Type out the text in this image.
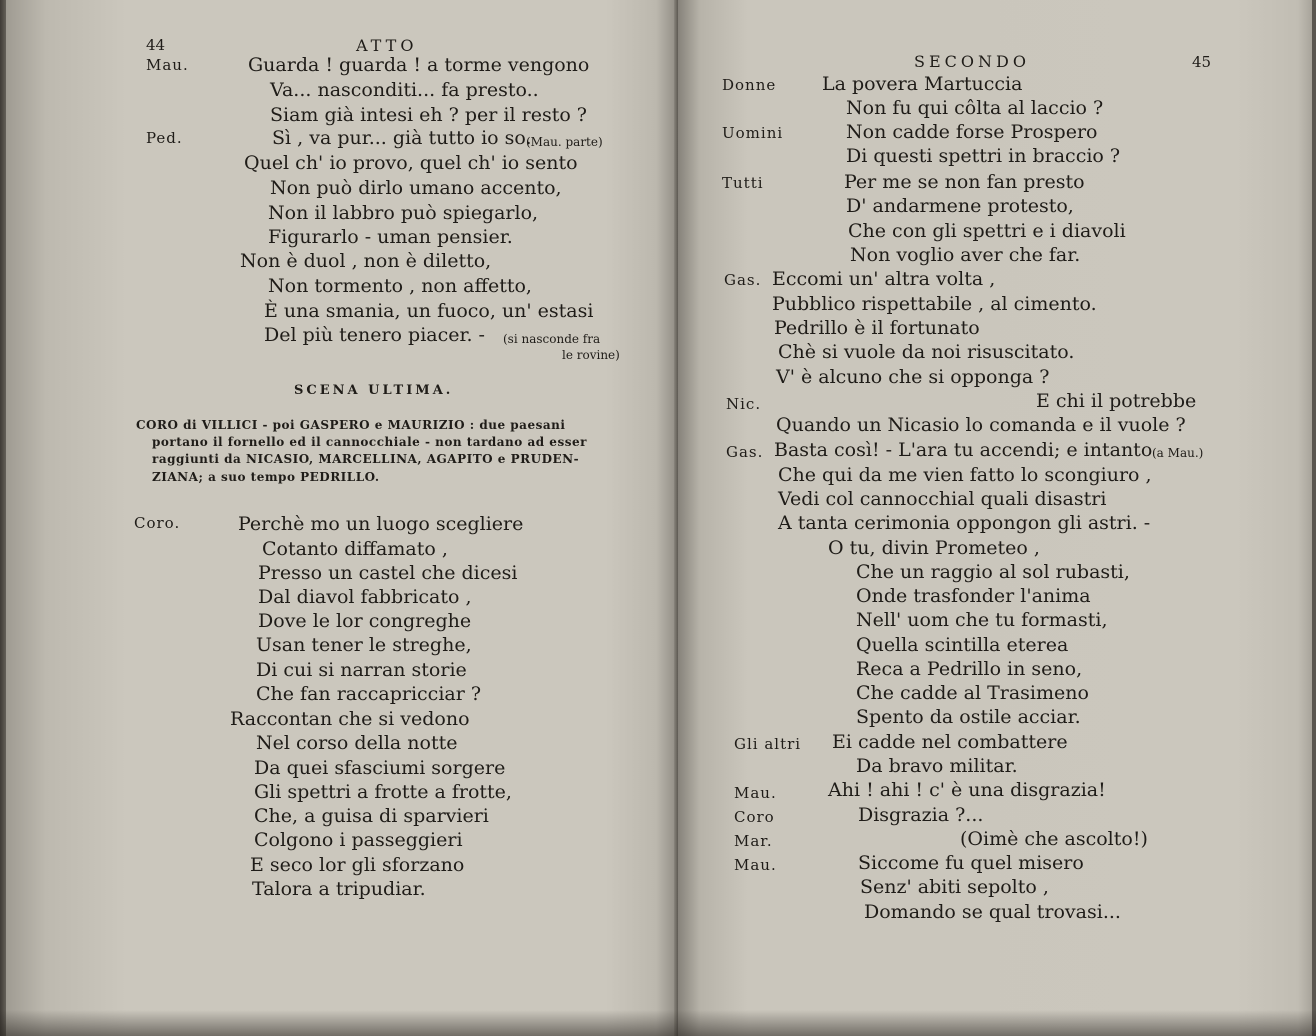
44	ATTO
Mau.	Guarda ! guarda ! a torme vengono
Va... nasconditi... fa presto..
Siam già intesi eh ? per il resto ?
Ped.	Sì , va pur... già tutto io so.
(Mau. parte)
Quel ch' io provo, quel ch' io sento
Non può dirlo umano accento,
Non il labbro può spiegarlo,
Figurarlo - uman pensier.
Non è duol , non è diletto,
Non tormento , non affetto,
È una smania, un fuoco, un' estasi
Del più tenero piacer. - (si nasconde fra
le rovine)
SCENA ULTIMA.
CORO di VILLICI - poi GASPERO e MAURIZIO : due paesani
portano il fornello ed il cannocchiale - non tardano ad esser
raggiunti da NICASIO, MARCELLINA, AGAPITO e PRUDEN-
ZIANA; a suo tempo PEDRILLO.
Coro.	Perchè mo un luogo scegliere
Cotanto diffamato ,
Presso un castel che dicesi
Dal diavol fabbricato ,
Dove le lor congreghe
Usan tener le streghe,
Di cui si narran storie
Che fan raccapricciar ?
Raccontan che si vedono
Nel corso della notte
Da quei sfasciumi sorgere
Gli spettri a frotte a frotte,
Che, a guisa di sparvieri
Colgono i passeggieri
E seco lor gli sforzano
Talora a tripudiar.
SECONDO	45
Donne La povera Martuccia
Non fu qui côlta al laccio ?
Uomini	Non cadde forse Prospero
Di questi spettri in braccio ?
Tutti	Per me se non fan presto
D' andarmene protesto,
Che con gli spettri e i diavoli
Non voglio aver che far.
Gas. Eccomi un' altra volta ,
Pubblico rispettabile , al cimento.
Pedrillo è il fortunato
Chè si vuole da noi risuscitato.
V' è alcuno che si opponga ?
Nic.	E chi il potrebbe
Quando un Nicasio lo comanda e il vuole ?
Gas. Basta così! - L'ara tu accendi; e intanto (a Mau.)
Che qui da me vien fatto lo scongiuro ,
Vedi col cannocchial quali disastri
A tanta cerimonia oppongon gli astri. -
O tu, divin Prometeo ,
Che un raggio al sol rubasti,
Onde trasfonder l'anima
Nell' uom che tu formasti,
Quella scintilla eterea
Reca a Pedrillo in seno,
Che cadde al Trasimeno
Spento da ostile acciar.
Gli altri Ei cadde nel combattere
Da bravo militar.
Mau.	Ahi ! ahi ! c' è una disgrazia!
Coro	Disgrazia ?...
Mar.	(Oimè che ascolto!)
Mau.	Siccome fu quel misero
Senz' abiti sepolto ,
Domando se qual trovasi...
